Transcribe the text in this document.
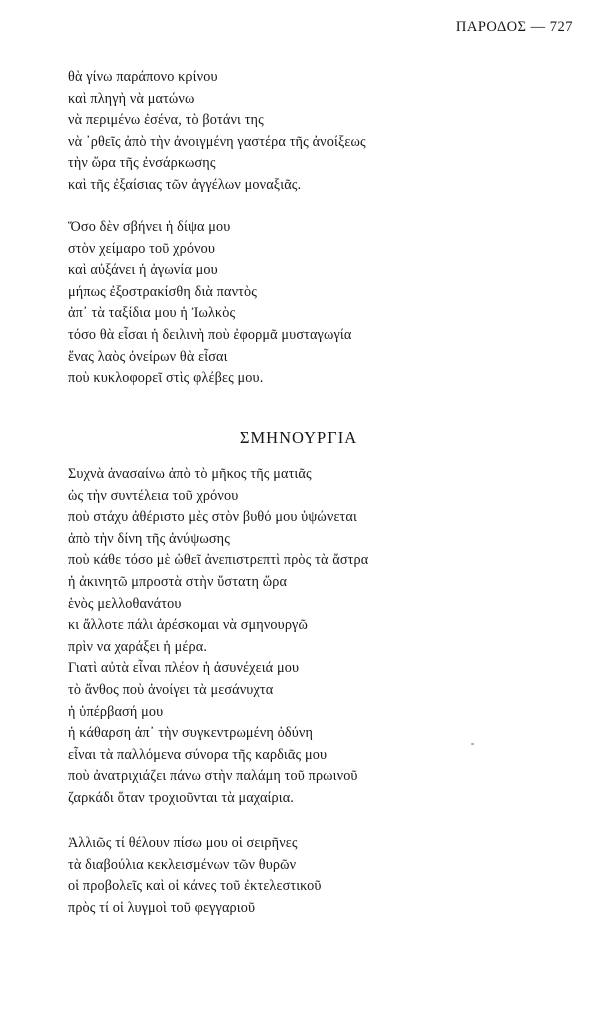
ΠΑΡΟΔΟΣ — 727
θὰ γίνω παράπονο κρίνου
καὶ πληγὴ νὰ ματώνω
νὰ περιμένω ἐσένα, τὸ βοτάνι της
νὰ ᾽ρθεῖς ἀπὸ τὴν ἀνοιγμένη γαστέρα τῆς ἀνοίξεως
τὴν ὥρα τῆς ἐνσάρκωσης
καὶ τῆς ἐξαίσιας τῶν ἀγγέλων μοναξιᾶς.
Ὅσο δὲν σβήνει ἡ δίψα μου
στὸν χείμαρο τοῦ χρόνου
καὶ αὐξάνει ἡ ἀγωνία μου
μήπως ἐξοστρακίσθη διὰ παντὸς
ἀπ᾽ τὰ ταξίδια μου ἡ Ἰωλκὸς
τόσο θὰ εἶσαι ἡ δειλινὴ ποὺ ἐφορμᾶ μυσταγωγία
ἕνας λαὸς ὀνείρων θὰ εἶσαι
ποὺ κυκλοφορεῖ στὶς φλέβες μου.
ΣΜΗΝΟΥΡΓΙΑ
Συχνὰ ἀνασαίνω ἀπὸ τὸ μῆκος τῆς ματιᾶς
ὡς τὴν συντέλεια τοῦ χρόνου
ποὺ στάχυ ἀθέριστο μὲς στὸν βυθό μου ὑψώνεται
ἀπὸ τὴν δίνη τῆς ἀνύψωσης
ποὺ κάθε τόσο μὲ ὠθεῖ ἀνεπιστρεπτὶ πρὸς τὰ ἄστρα
ἡ ἀκινητῶ μπροστὰ στὴν ὕστατη ὥρα
ἑνὸς μελλοθανάτου
κι ἄλλοτε πάλι ἀρέσκομαι νὰ σμηνουργῶ
πρὶν να χαράξει ἡ μέρα.
Γιατὶ αὐτὰ εἶναι πλέον ἡ ἀσυνέχειά μου
τὸ ἄνθος ποὺ ἀνοίγει τὰ μεσάνυχτα
ἡ ὑπέρβασή μου
ἡ κάθαρση ἀπ᾽ τὴν συγκεντρωμένη ὀδύνη
εἶναι τὰ παλλόμενα σύνορα τῆς καρδιᾶς μου
ποὺ ἀνατριχιάζει πάνω στὴν παλάμη τοῦ πρωινοῦ
ζαρκάδι ὅταν τροχιοῦνται τὰ μαχαίρια.
Ἀλλιῶς τί θέλουν πίσω μου οἱ σειρῆνες
τὰ διαβούλια κεκλεισμένων τῶν θυρῶν
οἱ προβολεῖς καὶ οἱ κάνες τοῦ ἐκτελεστικοῦ
πρὸς τί οἱ λυγμοὶ τοῦ φεγγαριοῦ
